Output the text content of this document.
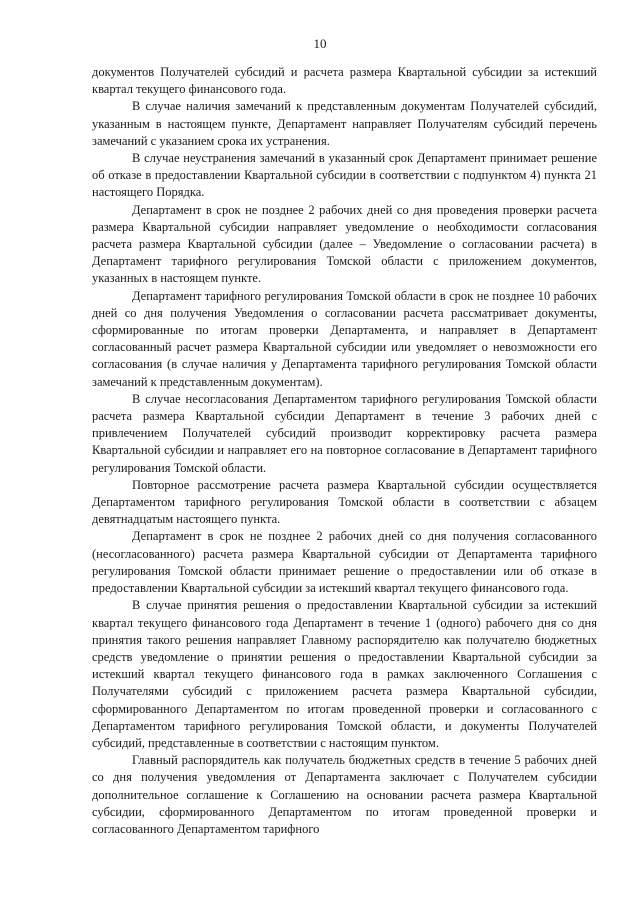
10

документов Получателей субсидий и расчета размера Квартальной субсидии за истекший квартал текущего финансового года.

В случае наличия замечаний к представленным документам Получателей субсидий, указанным в настоящем пункте, Департамент направляет Получателям субсидий перечень замечаний с указанием срока их устранения.

В случае неустранения замечаний в указанный срок Департамент принимает решение об отказе в предоставлении Квартальной субсидии в соответствии с подпунктом 4) пункта 21 настоящего Порядка.

Департамент в срок не позднее 2 рабочих дней со дня проведения проверки расчета размера Квартальной субсидии направляет уведомление о необходимости согласования расчета размера Квартальной субсидии (далее – Уведомление о согласовании расчета) в Департамент тарифного регулирования Томской области с приложением документов, указанных в настоящем пункте.

Департамент тарифного регулирования Томской области в срок не позднее 10 рабочих дней со дня получения Уведомления о согласовании расчета рассматривает документы, сформированные по итогам проверки Департамента, и направляет в Департамент согласованный расчет размера Квартальной субсидии или уведомляет о невозможности его согласования (в случае наличия у Департамента тарифного регулирования Томской области замечаний к представленным документам).

В случае несогласования Департаментом тарифного регулирования Томской области расчета размера Квартальной субсидии Департамент в течение 3 рабочих дней с привлечением Получателей субсидий производит корректировку расчета размера Квартальной субсидии и направляет его на повторное согласование в Департамент тарифного регулирования Томской области.

Повторное рассмотрение расчета размера Квартальной субсидии осуществляется Департаментом тарифного регулирования Томской области в соответствии с абзацем девятнадцатым настоящего пункта.

Департамент в срок не позднее 2 рабочих дней со дня получения согласованного (несогласованного) расчета размера Квартальной субсидии от Департамента тарифного регулирования Томской области принимает решение о предоставлении или об отказе в предоставлении Квартальной субсидии за истекший квартал текущего финансового года.

В случае принятия решения о предоставлении Квартальной субсидии за истекший квартал текущего финансового года Департамент в течение 1 (одного) рабочего дня со дня принятия такого решения направляет Главному распорядителю как получателю бюджетных средств уведомление о принятии решения о предоставлении Квартальной субсидии за истекший квартал текущего финансового года в рамках заключенного Соглашения с Получателями субсидий с приложением расчета размера Квартальной субсидии, сформированного Департаментом по итогам проведенной проверки и согласованного с Департаментом тарифного регулирования Томской области, и документы Получателей субсидий, представленные в соответствии с настоящим пунктом.

Главный распорядитель как получатель бюджетных средств в течение 5 рабочих дней со дня получения уведомления от Департамента заключает с Получателем субсидии дополнительное соглашение к Соглашению на основании расчета размера Квартальной субсидии, сформированного Департаментом по итогам проведенной проверки и согласованного Департаментом тарифного
